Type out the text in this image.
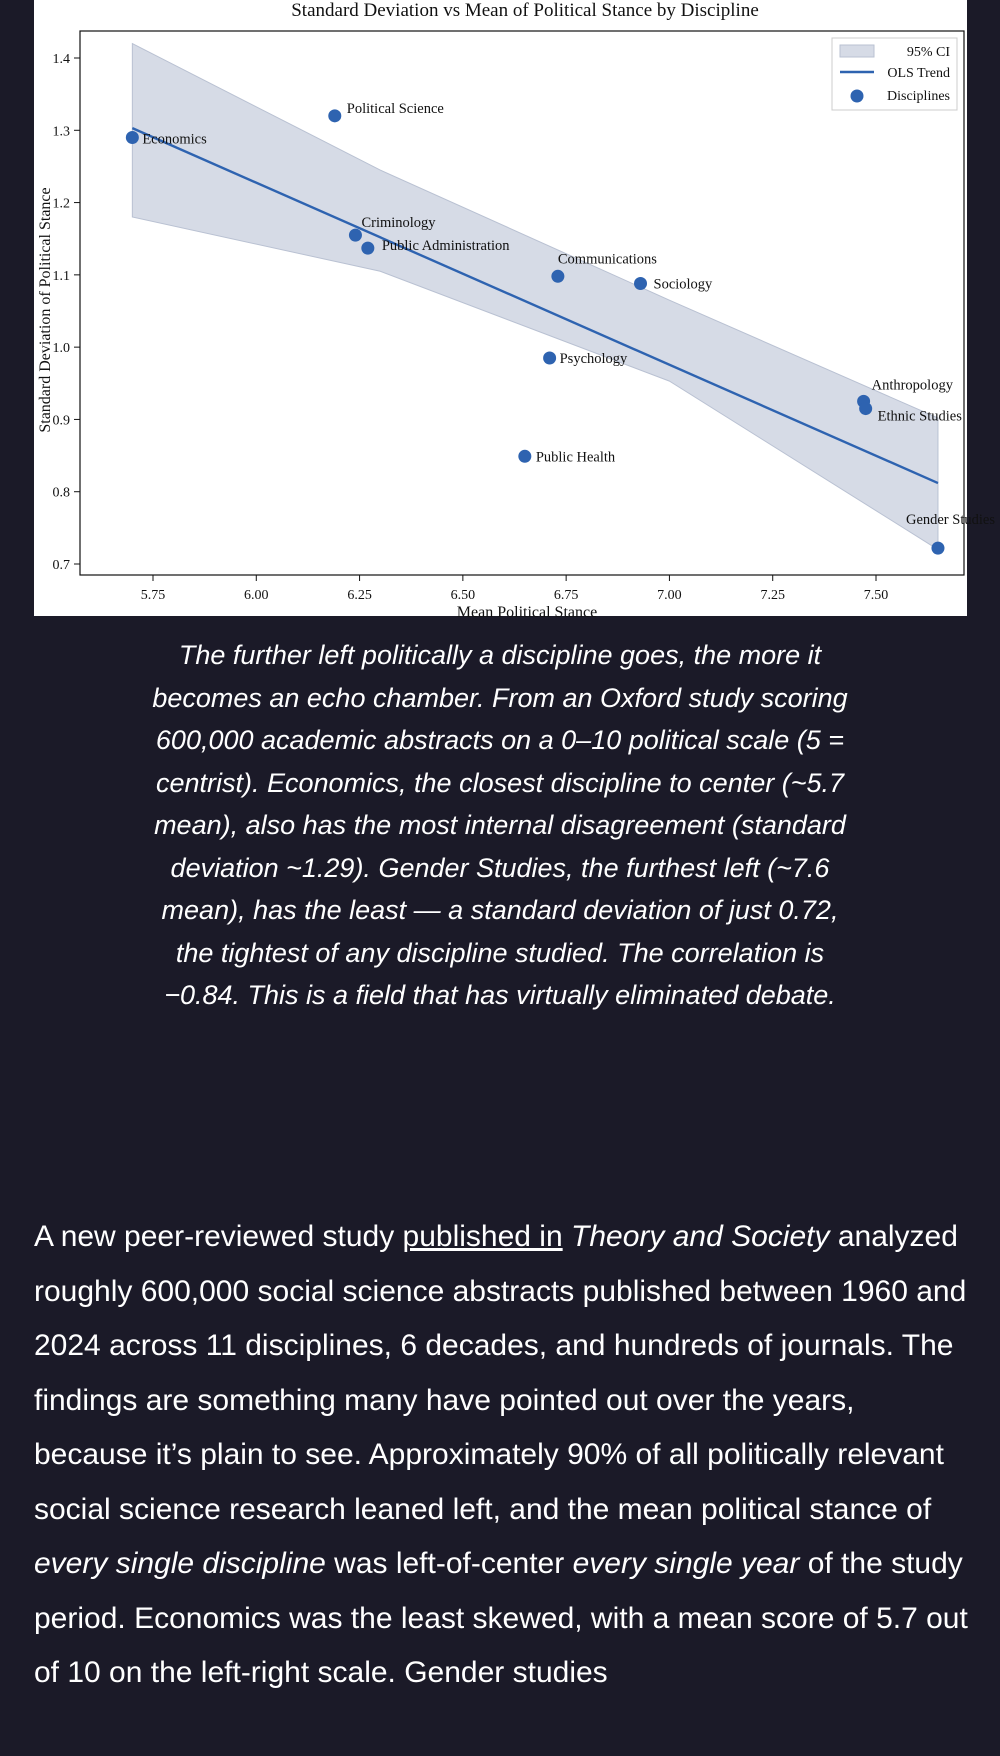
Standard Deviation vs Mean of Political Stance by Discipline
5.75	6.00	6.25	6.50	6.75	7.00	7.25	7.50
0.7
0.8
0.9
1.0
1.1
1.2
1.3
1.4
Economics
Political Science
Criminology
Public Administration
Communications
Sociology
Psychology
Public Health
Anthropology
Ethnic Studies
Gender Studies
95% CI
OLS Trend
Disciplines
Mean Political Stance
Standard Deviation of Political Stance
The further left politically a discipline goes, the more it becomes an echo chamber. From an Oxford study scoring 600,000 academic abstracts on a 0–10 political scale (5 = centrist). Economics, the closest discipline to center (~5.7 mean), also has the most internal disagreement (standard deviation ~1.29). Gender Studies, the furthest left (~7.6 mean), has the least — a standard deviation of just 0.72, the tightest of any discipline studied. The correlation is −0.84. This is a field that has virtually eliminated debate.

A new peer-reviewed study published in Theory and Society analyzed roughly 600,000 social science abstracts published between 1960 and 2024 across 11 disciplines, 6 decades, and hundreds of journals. The findings are something many have pointed out over the years, because it’s plain to see. Approximately 90% of all politically relevant social science research leaned left, and the mean political stance of every single discipline was left-of-center every single year of the study period. Economics was the least skewed, with a mean score of 5.7 out of 10 on the left-right scale. Gender studies
